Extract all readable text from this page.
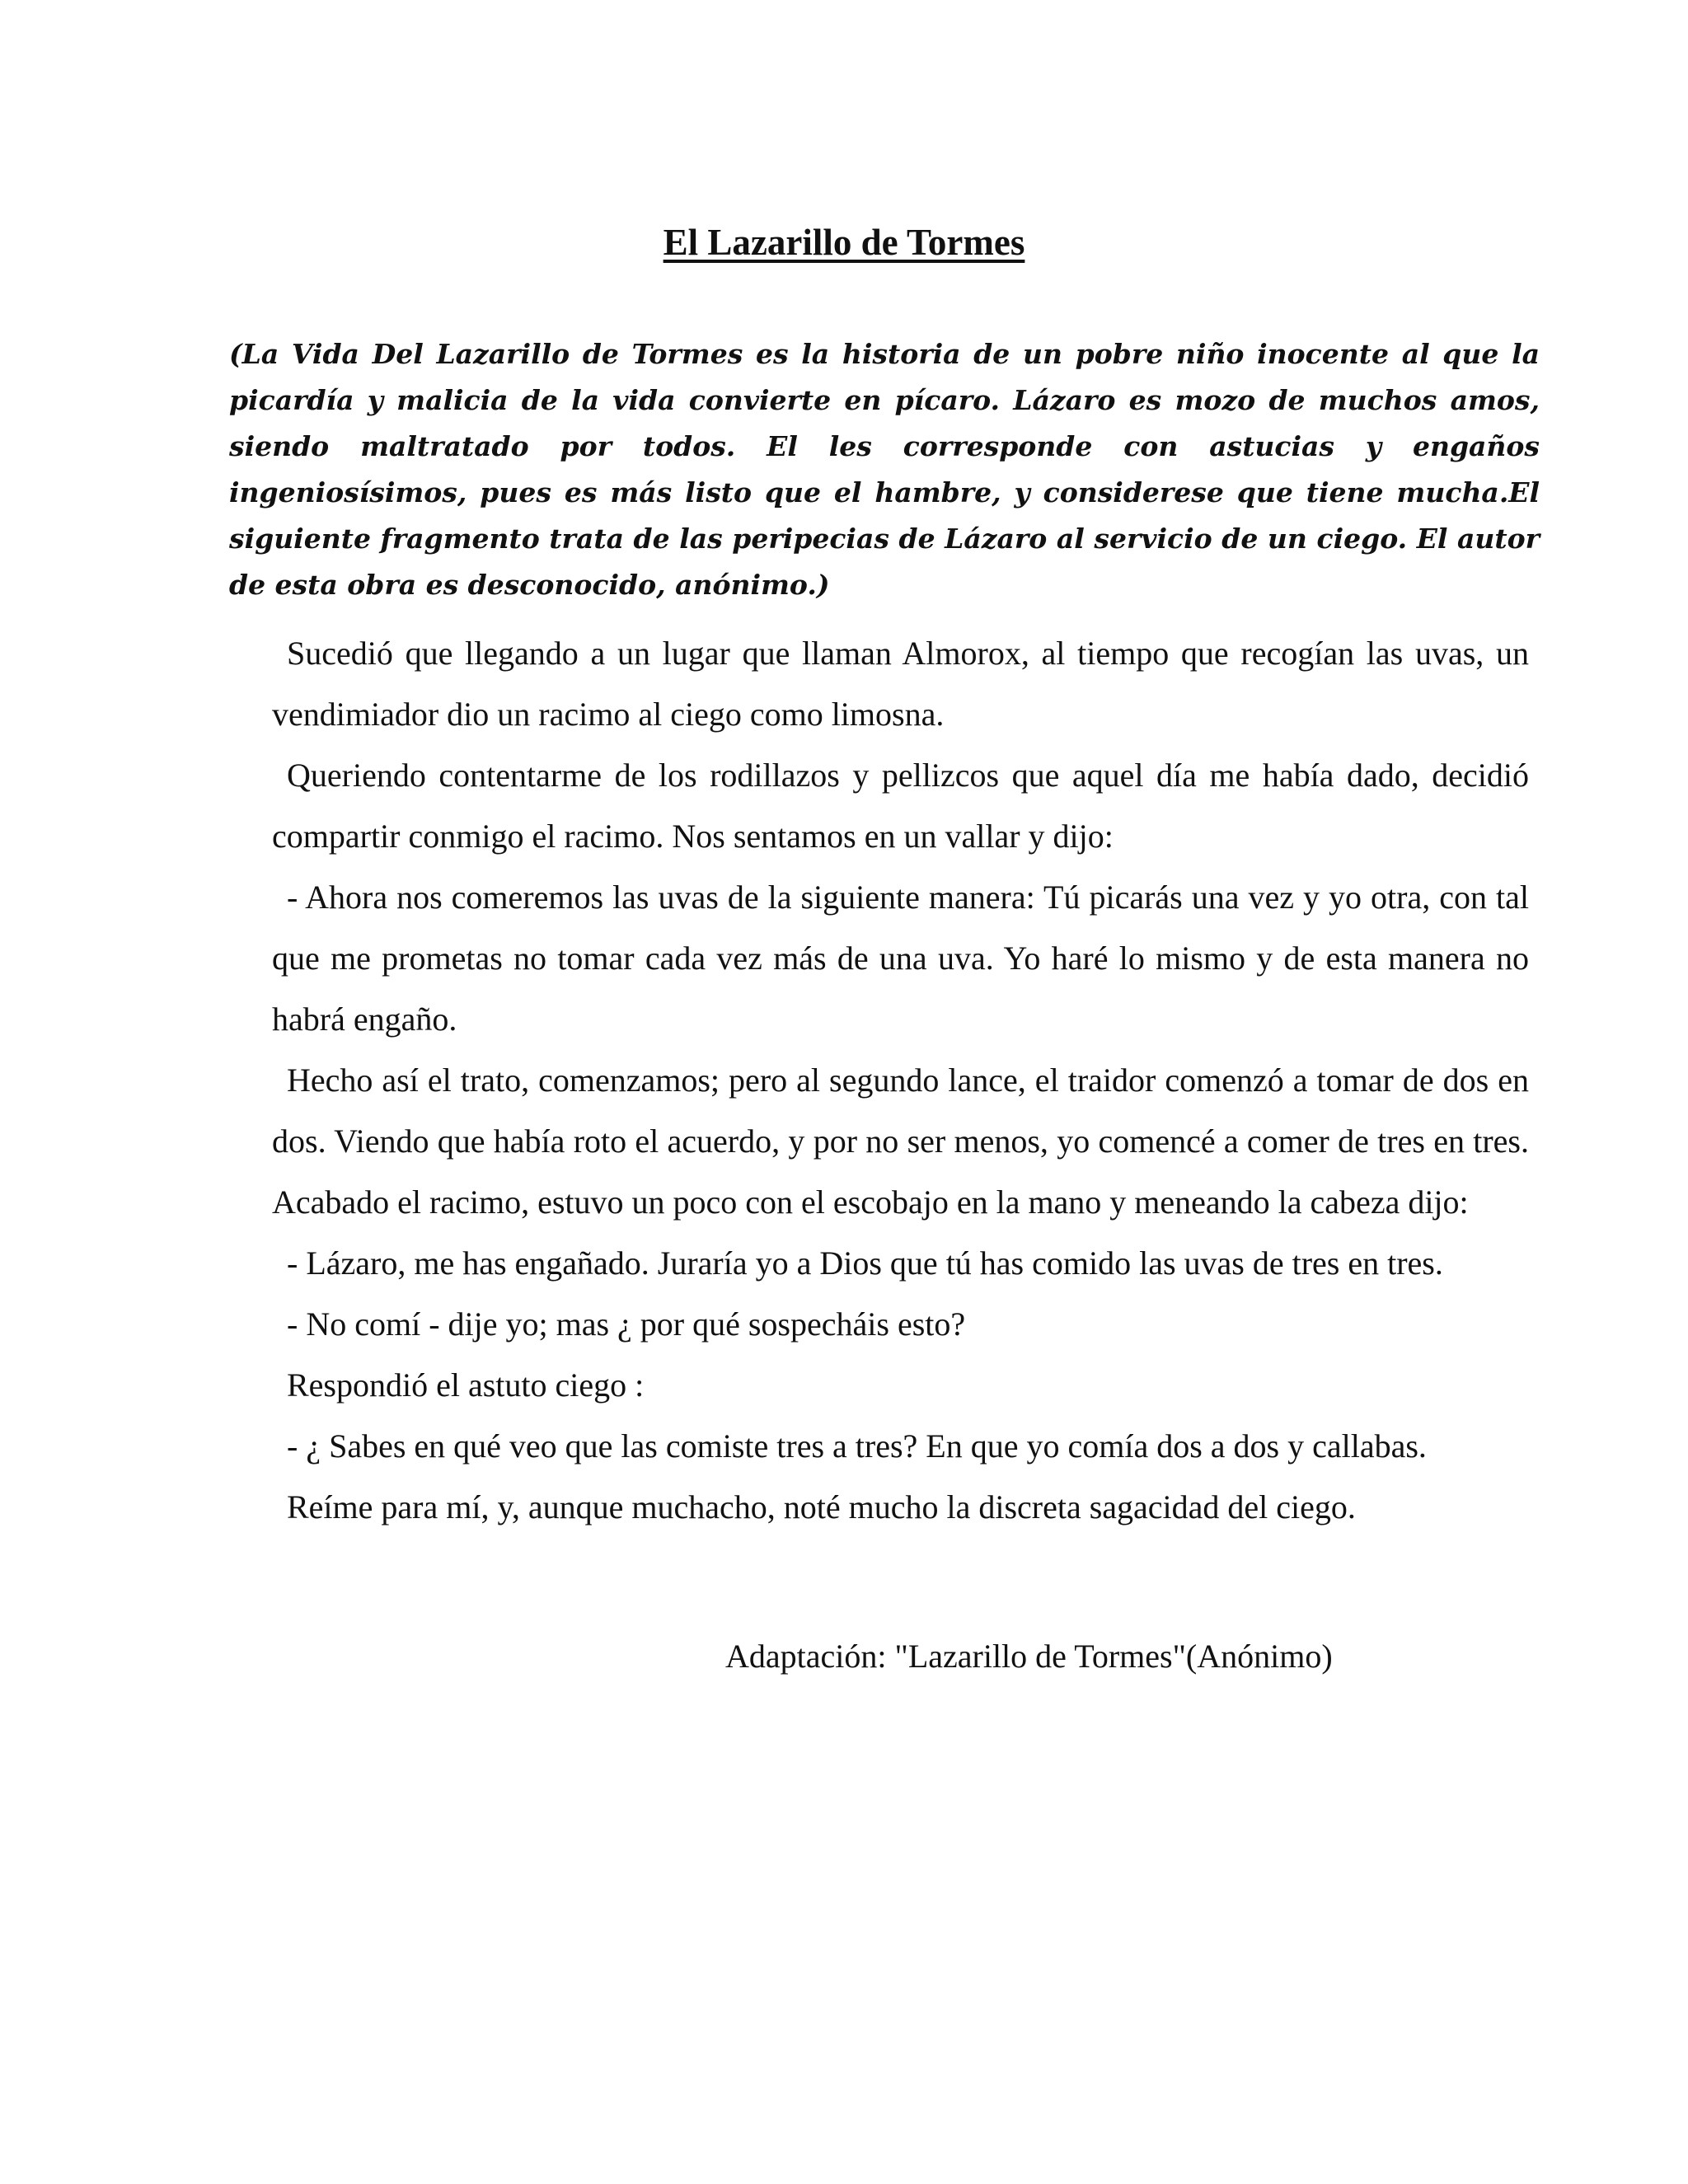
El Lazarillo de Tormes

(La Vida Del Lazarillo de Tormes es la historia de un pobre niño inocente al que la picardía y malicia de la vida convierte en pícaro. Lázaro es mozo de muchos amos, siendo maltratado por todos. El les corresponde con astucias y engaños ingeniosísimos, pues es más listo que el hambre, y considerese que tiene mucha.El siguiente fragmento trata de las peripecias de Lázaro al servicio de un ciego. El autor de esta obra es desconocido, anónimo.)

Sucedió que llegando a un lugar que llaman Almorox, al tiempo que recogían las uvas, un vendimiador dio un racimo al ciego como limosna.

Queriendo contentarme de los rodillazos y pellizcos que aquel día me había dado, decidió compartir conmigo el racimo. Nos sentamos en un vallar y dijo:

- Ahora nos comeremos las uvas de la siguiente manera: Tú picarás una vez y yo otra, con tal que me prometas no tomar cada vez más de una uva. Yo haré lo mismo y de esta manera no habrá engaño.

Hecho así el trato, comenzamos; pero al segundo lance, el traidor comenzó a tomar de dos en dos. Viendo que había roto el acuerdo, y por no ser menos, yo comencé a comer de tres en tres. Acabado el racimo, estuvo un poco con el escobajo en la mano y meneando la cabeza dijo:

- Lázaro, me has engañado. Juraría yo a Dios que tú has comido las uvas de tres en tres.

- No comí - dije yo; mas ¿ por qué sospecháis esto?

Respondió el astuto ciego :

- ¿ Sabes en qué veo que las comiste tres a tres? En que yo comía dos a dos y callabas.

Reíme para mí, y, aunque muchacho, noté mucho la discreta sagacidad del ciego.

Adaptación: "Lazarillo de Tormes"(Anónimo)
